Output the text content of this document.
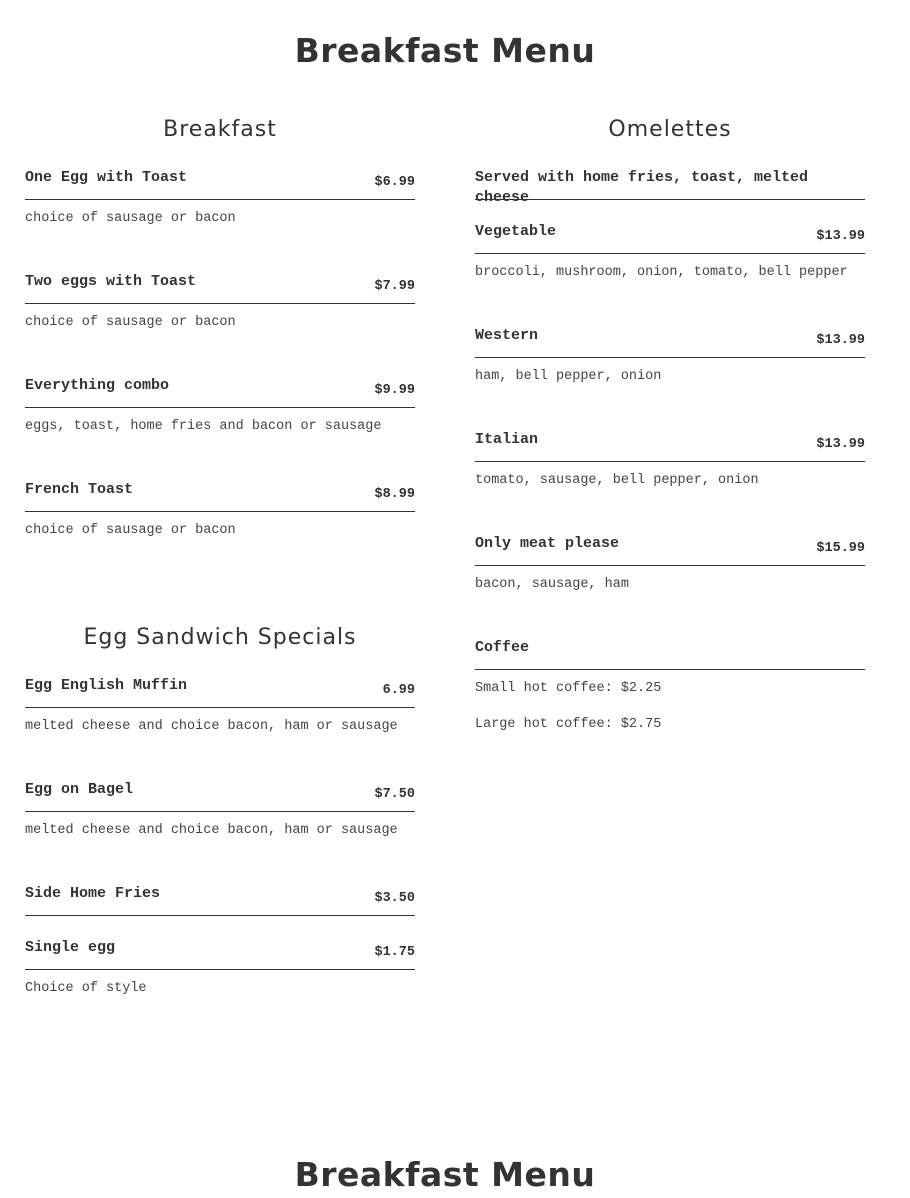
Breakfast Menu
Breakfast
One Egg with Toast	$6.99
choice of sausage or bacon
Two eggs with Toast	$7.99
choice of sausage or bacon
Everything combo	$9.99
eggs, toast, home fries and bacon or sausage
French Toast	$8.99
choice of sausage or bacon
Egg Sandwich Specials
Egg English Muffin	6.99
melted cheese and choice bacon, ham or sausage
Egg on Bagel	$7.50
melted cheese and choice bacon, ham or sausage
Side Home Fries	$3.50
Single egg	$1.75
Choice of style
Omelettes
Served with home fries, toast, melted cheese
Vegetable	$13.99
broccoli, mushroom, onion, tomato, bell pepper
Western	$13.99
ham, bell pepper, onion
Italian	$13.99
tomato, sausage, bell pepper, onion
Only meat please	$15.99
bacon, sausage, ham
Coffee
Small hot coffee: $2.25
Large hot coffee: $2.75
Breakfast Menu
